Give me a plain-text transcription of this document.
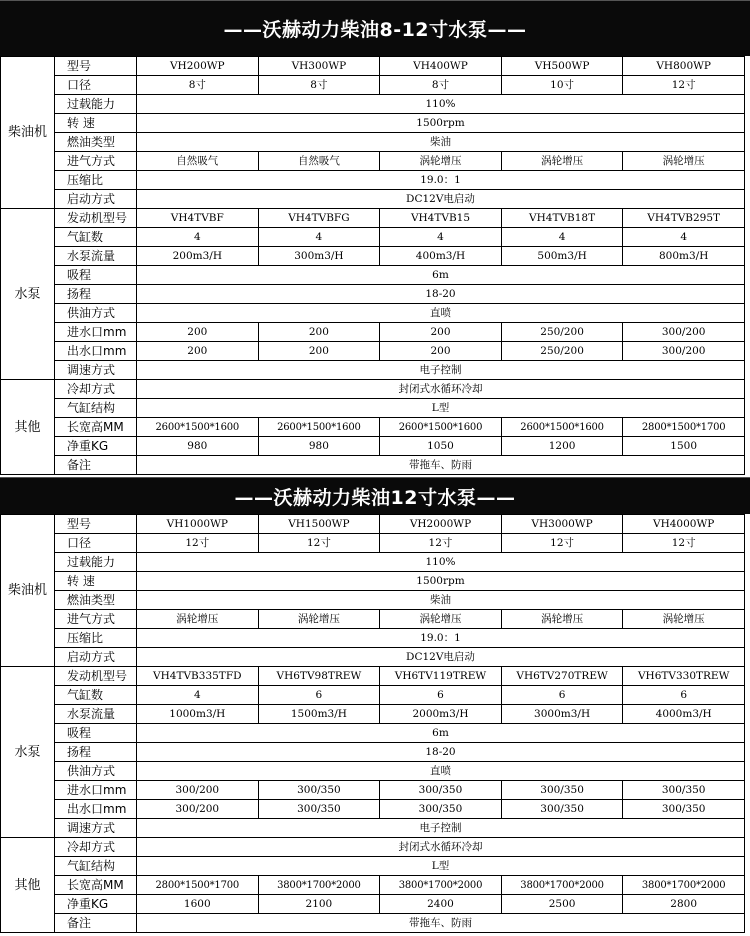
——沃赫动力柴油8-12寸水泵——
柴油机	型号	VH200WP	VH300WP	VH400WP	VH500WP	VH800WP
	口径	8寸	8寸	8寸	10寸	12寸
	过载能力	110%				
	转 速	1500rpm				
	燃油类型	柴油				
	进气方式	自然吸气	自然吸气	涡轮增压	涡轮增压	涡轮增压
	压缩比	19.0：1				
	启动方式	DC12V电启动				
水泵	发动机型号	VH4TVBF	VH4TVBFG	VH4TVB15	VH4TVB18T	VH4TVB295T
	气缸数	4	4	4	4	4
	水泵流量	200m3/H	300m3/H	400m3/H	500m3/H	800m3/H
	吸程	6m				
	扬程	18-20				
	供油方式	直喷				
	进水口mm	200	200	200	250/200	300/200
	出水口mm	200	200	200	250/200	300/200
	调速方式	电子控制				
其他	冷却方式	封闭式水循环冷却				
	气缸结构	L型				
	长宽高MM	2600*1500*1600	2600*1500*1600	2600*1500*1600	2600*1500*1600	2800*1500*1700
	净重KG	980	980	1050	1200	1500
	备注	带拖车、防雨				
——沃赫动力柴油12寸水泵——
柴油机	型号	VH1000WP	VH1500WP	VH2000WP	VH3000WP	VH4000WP
	口径	12寸	12寸	12寸	12寸	12寸
	过载能力	110%				
	转 速	1500rpm				
	燃油类型	柴油				
	进气方式	涡轮增压	涡轮增压	涡轮增压	涡轮增压	涡轮增压
	压缩比	19.0：1				
	启动方式	DC12V电启动				
水泵	发动机型号	VH4TVB335TFD	VH6TV98TREW	VH6TV119TREW	VH6TV270TREW	VH6TV330TREW
	气缸数	4	6	6	6	6
	水泵流量	1000m3/H	1500m3/H	2000m3/H	3000m3/H	4000m3/H
	吸程	6m				
	扬程	18-20				
	供油方式	直喷				
	进水口mm	300/200	300/350	300/350	300/350	300/350
	出水口mm	300/200	300/350	300/350	300/350	300/350
	调速方式	电子控制				
其他	冷却方式	封闭式水循环冷却				
	气缸结构	L型				
	长宽高MM	2800*1500*1700	3800*1700*2000	3800*1700*2000	3800*1700*2000	3800*1700*2000
	净重KG	1600	2100	2400	2500	2800
	备注	带拖车、防雨				
